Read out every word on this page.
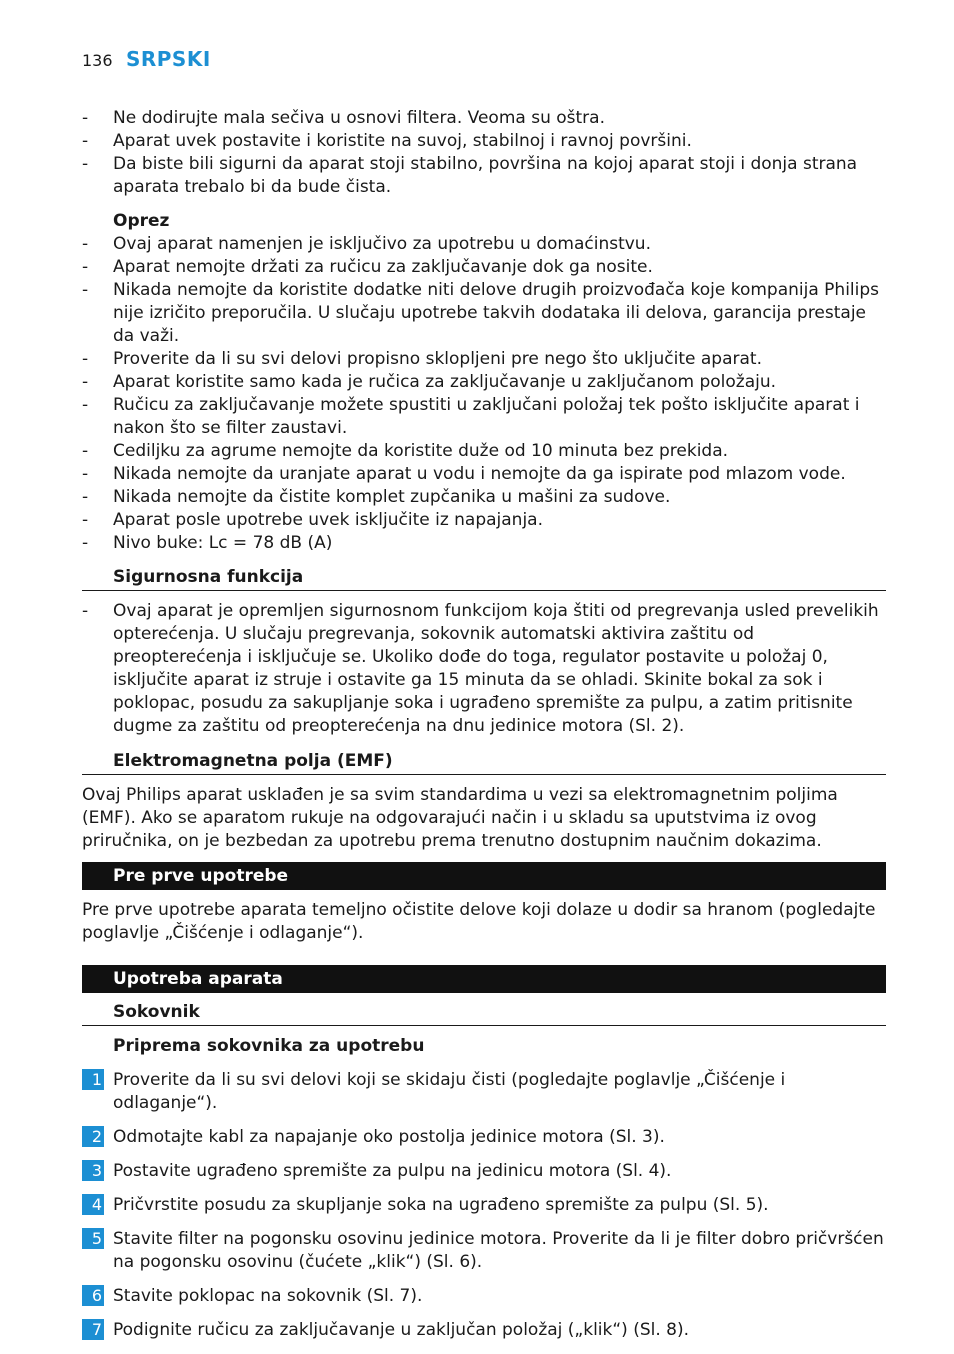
136 SRPSKI
- Ne dodirujte mala sečiva u osnovi filtera. Veoma su oštra.
- Aparat uvek postavite i koristite na suvoj, stabilnoj i ravnoj površini.
- Da biste bili sigurni da aparat stoji stabilno, površina na kojoj aparat stoji i donja strana aparata trebalo bi da bude čista.
Oprez
- Ovaj aparat namenjen je isključivo za upotrebu u domaćinstvu.
- Aparat nemojte držati za ručicu za zaključavanje dok ga nosite.
- Nikada nemojte da koristite dodatke niti delove drugih proizvođača koje kompanija Philips nije izričito preporučila. U slučaju upotrebe takvih dodataka ili delova, garancija prestaje da važi.
- Proverite da li su svi delovi propisno sklopljeni pre nego što uključite aparat.
- Aparat koristite samo kada je ručica za zaključavanje u zaključanom položaju.
- Ručicu za zaključavanje možete spustiti u zaključani položaj tek pošto isključite aparat i nakon što se filter zaustavi.
- Cedilјku za agrume nemojte da koristite duže od 10 minuta bez prekida.
- Nikada nemojte da uranjate aparat u vodu i nemojte da ga ispirate pod mlazom vode.
- Nikada nemojte da čistite komplet zupčanika u mašini za sudove.
- Aparat posle upotrebe uvek isključite iz napajanja.
- Nivo buke: Lc = 78 dB (A)
Sigurnosna funkcija
- Ovaj aparat je opremljen sigurnosnom funkcijom koja štiti od pregrevanja usled prevelikih opterećenja. U slučaju pregrevanja, sokovnik automatski aktivira zaštitu od preopterećenja i isključuje se. Ukoliko dođe do toga, regulator postavite u položaj 0, isključite aparat iz struje i ostavite ga 15 minuta da se ohladi. Skinite bokal za sok i poklopac, posudu za sakupljanje soka i ugrađeno spremište za pulpu, a zatim pritisnite dugme za zaštitu od preopterećenja na dnu jedinice motora (Sl. 2).
Elektromagnetna polja (EMF)

Ovaj Philips aparat usklađen je sa svim standardima u vezi sa elektromagnetnim poljima (EMF). Ako se aparatom rukuje na odgovarajući način i u skladu sa uputstvima iz ovog priručnika, on je bezbedan za upotrebu prema trenutno dostupnim naučnim dokazima.

Pre prve upotrebe

Pre prve upotrebe aparata temeljno očistite delove koji dolaze u dodir sa hranom (pogledajte poglavlje „Čišćenje i odlaganje“).

Upotreba aparata
Sokovnik
Priprema sokovnika za upotrebu
1 Proverite da li su svi delovi koji se skidaju čisti (pogledajte poglavlje „Čišćenje i odlaganje“).
2 Odmotajte kabl za napajanje oko postolja jedinice motora (Sl. 3).
3 Postavite ugrađeno spremište za pulpu na jedinicu motora (Sl. 4).
4 Pričvrstite posudu za skupljanje soka na ugrađeno spremište za pulpu (Sl. 5).
5 Stavite filter na pogonsku osovinu jedinice motora. Proverite da li je filter dobro pričvršćen na pogonsku osovinu (čućete „klik“) (Sl. 6).
6 Stavite poklopac na sokovnik (Sl. 7).
7 Podignite ručicu za zaključavanje u zaključan položaj („klik“) (Sl. 8).
